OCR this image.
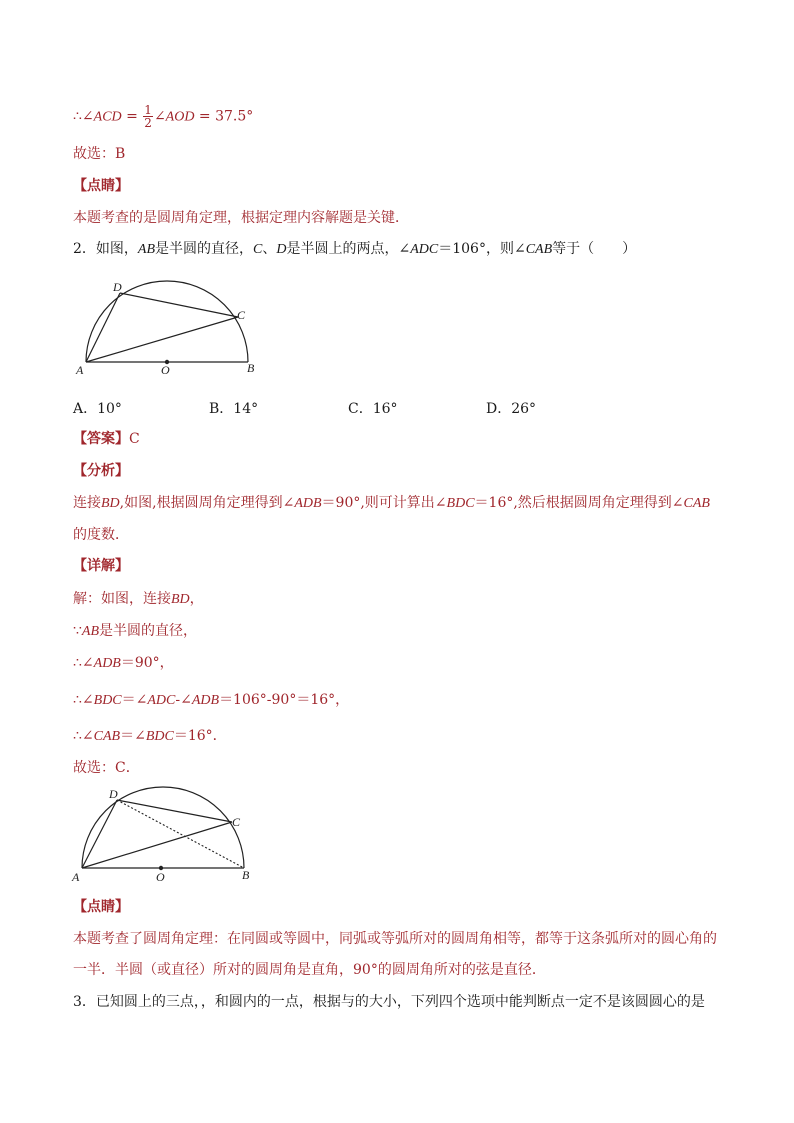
∴∠ACD = $\frac{1}{2}$ ∠AOD = 37.5°
故选：B
【点睛】
本题考查的是圆周角定理，根据定理内容解题是关键．
2．如图，AB是半圆的直径，C、D是半圆上的两点，∠ADC＝106°，则∠CAB等于（　　）
A	B
C
D
O
A．10°	B．14°	C．16°	D．26°
【答案】C
【分析】
连接BD,如图,根据圆周角定理得到∠ADB＝90°,则可计算出∠BDC＝16°,然后根据圆周角定理得到∠CAB
的度数．
【详解】
解：如图，连接BD，
∵AB是半圆的直径，
∴∠ADB＝90°，
∴∠BDC＝∠ADC-∠ADB＝106°-90°＝16°，
∴∠CAB＝∠BDC＝16°．
故选：C．
A	B
C
D
O
【点睛】
本题考查了圆周角定理：在同圆或等圆中，同弧或等弧所对的圆周角相等，都等于这条弧所对的圆心角的
一半．半圆（或直径）所对的圆周角是直角，90°的圆周角所对的弦是直径．
3．已知圆上的三点，，和圆内的一点，根据与的大小，下列四个选项中能判断点一定不是该圆圆心的是
